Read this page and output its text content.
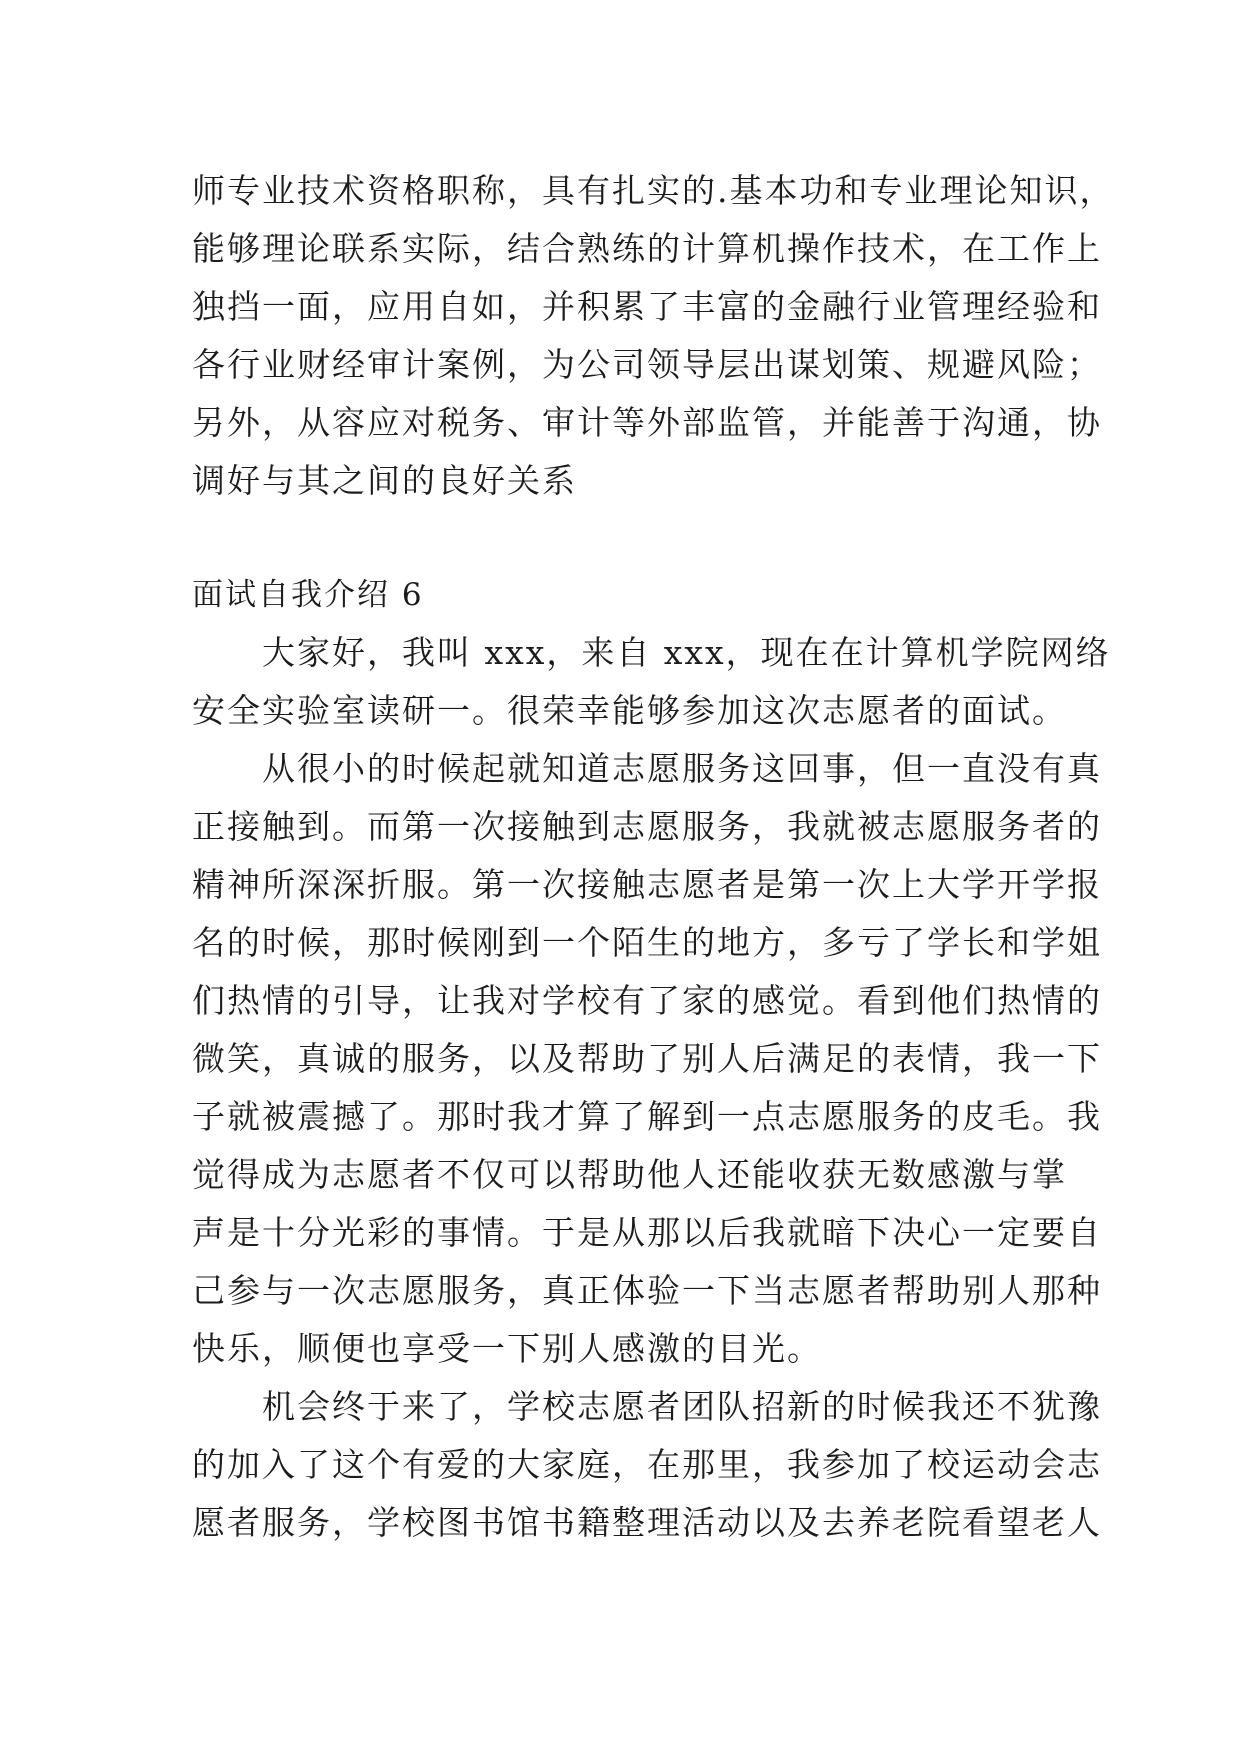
师专业技术资格职称，具有扎实的.基本功和专业理论知识，
能够理论联系实际，结合熟练的计算机操作技术，在工作上
独挡一面，应用自如，并积累了丰富的金融行业管理经验和
各行业财经审计案例，为公司领导层出谋划策、规避风险；
另外，从容应对税务、审计等外部监管，并能善于沟通，协
调好与其之间的良好关系
面试自我介绍 6
　　大家好，我叫 xxx，来自 xxx，现在在计算机学院网络
安全实验室读研一。很荣幸能够参加这次志愿者的面试。
　　从很小的时候起就知道志愿服务这回事，但一直没有真
正接触到。而第一次接触到志愿服务，我就被志愿服务者的
精神所深深折服。第一次接触志愿者是第一次上大学开学报
名的时候，那时候刚到一个陌生的地方，多亏了学长和学姐
们热情的引导，让我对学校有了家的感觉。看到他们热情的
微笑，真诚的服务，以及帮助了别人后满足的表情，我一下
子就被震撼了。那时我才算了解到一点志愿服务的皮毛。我
觉得成为志愿者不仅可以帮助他人还能收获无数感激与掌
声是十分光彩的事情。于是从那以后我就暗下决心一定要自
己参与一次志愿服务，真正体验一下当志愿者帮助别人那种
快乐，顺便也享受一下别人感激的目光。
　　机会终于来了，学校志愿者团队招新的时候我还不犹豫
的加入了这个有爱的大家庭，在那里，我参加了校运动会志
愿者服务，学校图书馆书籍整理活动以及去养老院看望老人
